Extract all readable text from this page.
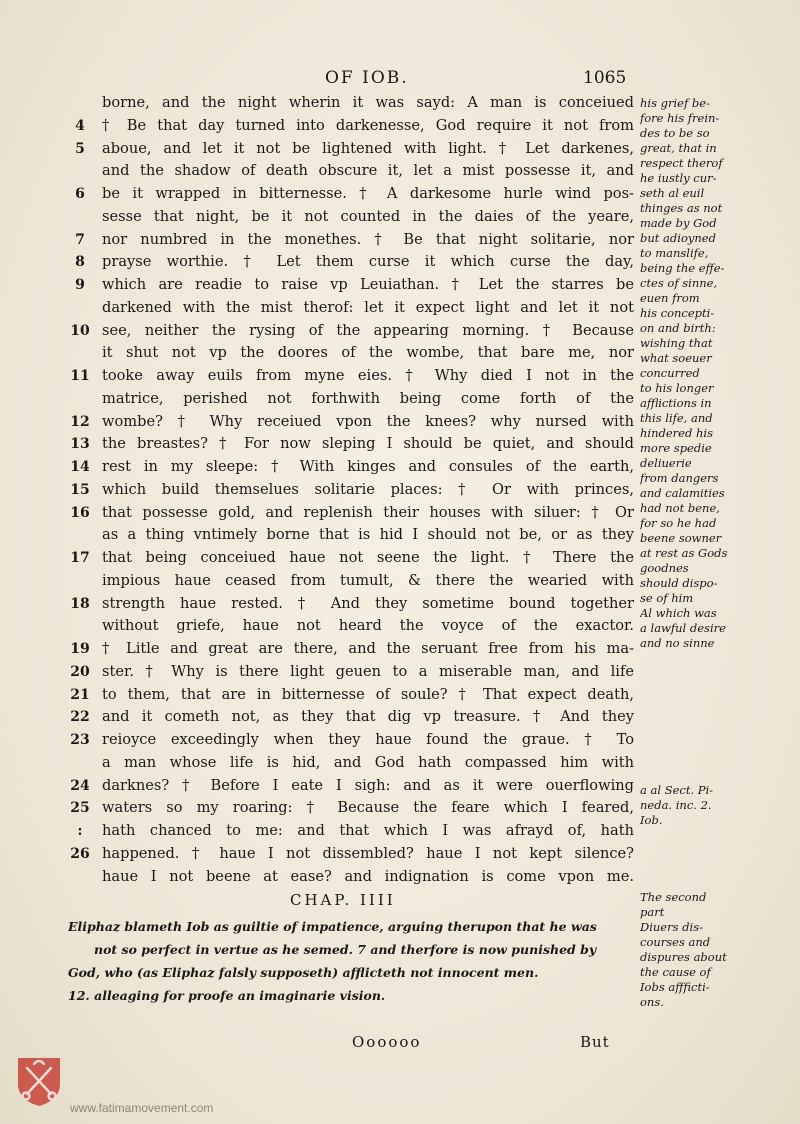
OF IOB.	1065
borne, and the night wherin it was sayd: A man is conceiued
4	† Be that day turned into darkenesse, God require it not from
5	aboue, and let it not be lightened with light. † Let darkenes,
and the shadow of death obscure it, let a mist possesse it, and
6	be it wrapped in bitternesse. † A darkesome hurle wind pos-
sesse that night, be it not counted in the daies of the yeare,
7	nor numbred in the monethes. † Be that night solitarie, nor
8	prayse worthie. † Let them curse it which curse the day,
9	which are readie to raise vp Leuiathan. † Let the starres be
darkened with the mist therof: let it expect light and let it not
10 see, neither the rysing of the appearing morning. † Because
it shut not vp the doores of the wombe, that bare me, nor
11 tooke away euils from myne eies. † Why died I not in the
matrice, perished not forthwith being come forth of the
12 wombe? † Why receiued vpon the knees? why nursed with
13 the breastes? † For now sleping I should be quiet, and should
14 rest in my sleepe: † With kinges and consules of the earth,
15 which build themselues solitarie places: † Or with princes,
16 that possesse gold, and replenish their houses with siluer: † Or
as a thing vntimely borne that is hid I should not be, or as they
17 that being conceiued haue not seene the light. † There the
impious haue ceased from tumult, & there the wearied with
18 strength haue rested. † And they sometime bound together
without griefe, haue not heard the voyce of the exactor.
19 † Litle and great are there, and the seruant free from his ma-
20 ster. † Why is there light geuen to a miserable man, and life
21 to them, that are in bitternesse of soule? † That expect death,
22 and it cometh not, as they that dig vp treasure. † And they
23 reioyce exceedingly when they haue found the graue. † To
a man whose life is hid, and God hath compassed him with
24 darknes? † Before I eate I sigh: and as it were ouerflowing
25 waters so my roaring: † Because the feare which I feared,
:	hath chanced to me: and that which I was afrayd of, hath
26 happened. † haue I not dissembled? haue I not kept silence?
haue I not beene at ease? and indignation is come vpon me.
his grief be-
fore his frein-
des to be so
great, that in
respect therof
he iustly cur-
seth al euil
thinges as not
made by God
but adioyned
to manslife,
being the effe-
ctes of sinne,
euen from
his concepti-
on and birth:
wishing that
what soeuer
concurred
to his longer
afflictions in
this life, and
hindered his
more spedie
deliuerie
from dangers
and calamities
had not bene,
for so he had
beene sowner
at rest as Gods
goodnes
should dispo-
se of him
Al which was
a lawful desire
and no sinne
a al Sect. Pi-
neda. inc. 2.
Iob.
The second
part
Diuers dis-
courses and
dispures about
the cause of
Iobs affficti-
ons.
CHAP. IIII
Eliphaz blameth Iob as guiltie of impatience, arguing therupon that he was
not so perfect in vertue as he semed. 7 and therfore is now punished by
God, who (as Eliphaz falsly supposeth) afflicteth not innocent men.
12. alleaging for proofe an imaginarie vision.
Oooooo	But
www.fatimamovement.com
